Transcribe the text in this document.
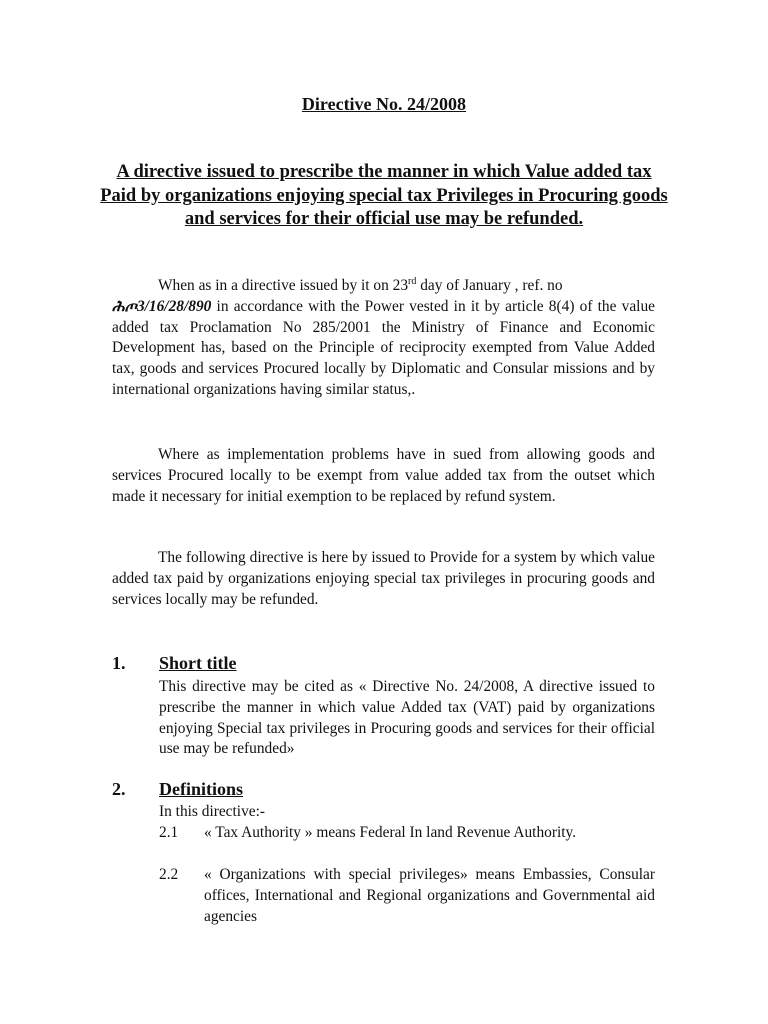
Directive No. 24/2008
A directive issued to prescribe the manner in which Value added tax Paid by organizations enjoying special tax Privileges in Procuring goods and services for their official use may be refunded.

When as in a directive issued by it on 23rd day of January , ref. no
ሕጦ3/16/28/890 in accordance with the Power vested in it by article 8(4) of the value added tax Proclamation No 285/2001 the Ministry of Finance and Economic Development has, based on the Principle of reciprocity exempted from Value Added tax, goods and services Procured locally by Diplomatic and Consular missions and by international organizations having similar status,.

Where as implementation problems have in sued from allowing goods and services Procured locally to be exempt from value added tax from the outset which made it necessary for initial exemption to be replaced by refund system.

The following directive is here by issued to Provide for a system by which value added tax paid by organizations enjoying special tax privileges in procuring goods and services locally may be refunded.

1. Short title

This directive may be cited as « Directive No. 24/2008, A directive issued to prescribe the manner in which value Added tax (VAT) paid by organizations enjoying Special tax privileges in Procuring goods and services for their official use may be refunded»

2. Definitions

In this directive:-

2.1 « Tax Authority » means Federal In land Revenue Authority.

2.2 « Organizations with special privileges» means Embassies, Consular offices, International and Regional organizations and Governmental aid agencies
